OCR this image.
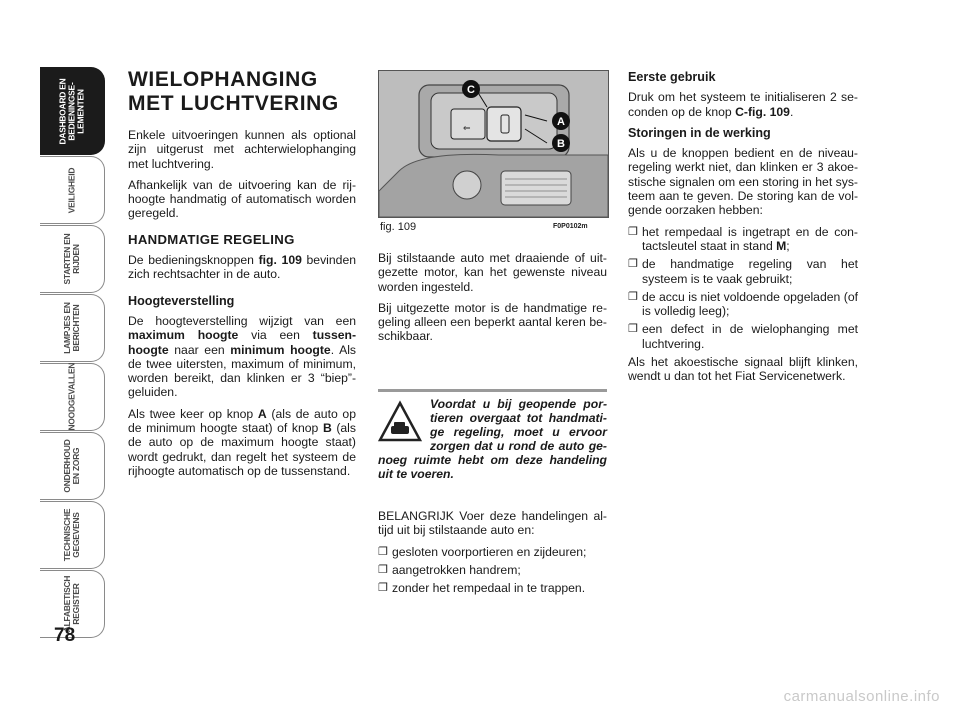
DASHBOARD EN
BEDIENINGSE-
LEMENTEN
VEILIGHEID
STARTEN EN
RIJDEN
LAMPJES EN
BERICHTEN
NOODGEVALLEN
ONDERHOUD
EN ZORG
TECHNISCHE
GEGEVENS
ALFABETISCH
REGISTER
78
WIELOPHANGING MET LUCHTVERING

Enkele uitvoeringen kunnen als optional zijn uitgerust met achterwielophanging met luchtvering.

Afhankelijk van de uitvoering kan de rij-hoogte handmatig of automatisch worden geregeld.

HANDMATIGE REGELING

De bedieningsknoppen fig. 109 bevinden zich rechtsachter in de auto.

Hoogteverstelling

De hoogteverstelling wijzigt van een maximum hoogte via een tussen-hoogte naar een minimum hoogte. Als de twee uitersten, maximum of minimum, worden bereikt, dan klinken er 3 “biep”-geluiden.

Als twee keer op knop A (als de auto op de minimum hoogte staat) of knop B (als de auto op de maximum hoogte staat) wordt gedrukt, dan regelt het systeem de rijhoogte automatisch op de tussenstand.

⇐
C
A
B
fig. 109	F0P0102m

Bij stilstaande auto met draaiende of uit-gezette motor, kan het gewenste niveau worden ingesteld.

Bij uitgezette motor is de handmatige re-geling alleen een beperkt aantal keren be-schikbaar.

Voordat u bij geopende por-tieren overgaat tot handmati-ge regeling, moet u ervoor zorgen dat u rond de auto ge-noeg ruimte hebt om deze handeling uit te voeren.

BELANGRIJK Voer deze handelingen al-tijd uit bij stilstaande auto en:

❐ gesloten voorportieren en zijdeuren;
❐ aangetrokken handrem;
❐ zonder het rempedaal in te trappen.
Eerste gebruik

Druk om het systeem te initialiseren 2 se-conden op de knop C-fig. 109.

Storingen in de werking

Als u de knoppen bedient en de niveau-regeling werkt niet, dan klinken er 3 akoe-stische signalen om een storing in het sys-teem aan te geven. De storing kan de vol-gende oorzaken hebben:

❐ het rempedaal is ingetrapt en de con-tactsleutel staat in stand M;
❐ de handmatige regeling van het systeem is te vaak gebruikt;
❐ de accu is niet voldoende opgeladen (of is volledig leeg);
❐ een defect in de wielophanging met luchtvering.

Als het akoestische signaal blijft klinken, wendt u dan tot het Fiat Servicenetwerk.

carmanualsonline.info
